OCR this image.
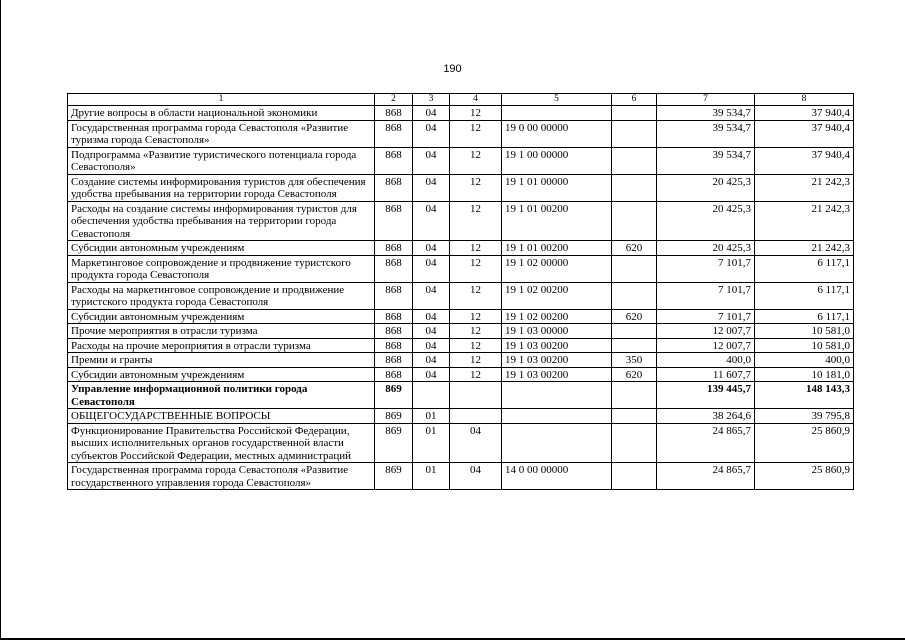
190
1	2	3	4	5	6	7	8
Другие вопросы в области национальной экономики	868	04	12			39 534,7	37 940,4
Государственная программа города Севастополя «Развитие туризма города Севастополя»	868	04	12	19 0 00 00000		39 534,7	37 940,4
Подпрограмма «Развитие туристического потенциала города Севастополя»	868	04	12	19 1 00 00000		39 534,7	37 940,4
Создание системы информирования туристов для обеспечения удобства пребывания на территории города Севастополя	868	04	12	19 1 01 00000		20 425,3	21 242,3
Расходы на создание системы информирования туристов для обеспечения удобства пребывания на территории города Севастополя	868	04	12	19 1 01 00200		20 425,3	21 242,3
Субсидии автономным учреждениям	868	04	12	19 1 01 00200	620	20 425,3	21 242,3
Маркетинговое сопровождение и продвижение туристского продукта города Севастополя	868	04	12	19 1 02 00000		7 101,7	6 117,1
Расходы на маркетинговое сопровождение и продвижение туристского продукта города Севастополя	868	04	12	19 1 02 00200		7 101,7	6 117,1
Субсидии автономным учреждениям	868	04	12	19 1 02 00200	620	7 101,7	6 117,1
Прочие мероприятия в отрасли туризма	868	04	12	19 1 03 00000		12 007,7	10 581,0
Расходы на прочие мероприятия в отрасли туризма	868	04	12	19 1 03 00200		12 007,7	10 581,0
Премии и гранты	868	04	12	19 1 03 00200	350	400,0	400,0
Субсидии автономным учреждениям	868	04	12	19 1 03 00200	620	11 607,7	10 181,0
Управление информационной политики города Севастополя	869					139 445,7	148 143,3
ОБЩЕГОСУДАРСТВЕННЫЕ ВОПРОСЫ	869	01				38 264,6	39 795,8
Функционирование Правительства Российской Федерации, высших исполнительных органов государственной власти субъектов Российской Федерации, местных администраций	869	01	04			24 865,7	25 860,9
Государственная программа города Севастополя «Развитие государственного управления города Севастополя»	869	01	04	14 0 00 00000		24 865,7	25 860,9
